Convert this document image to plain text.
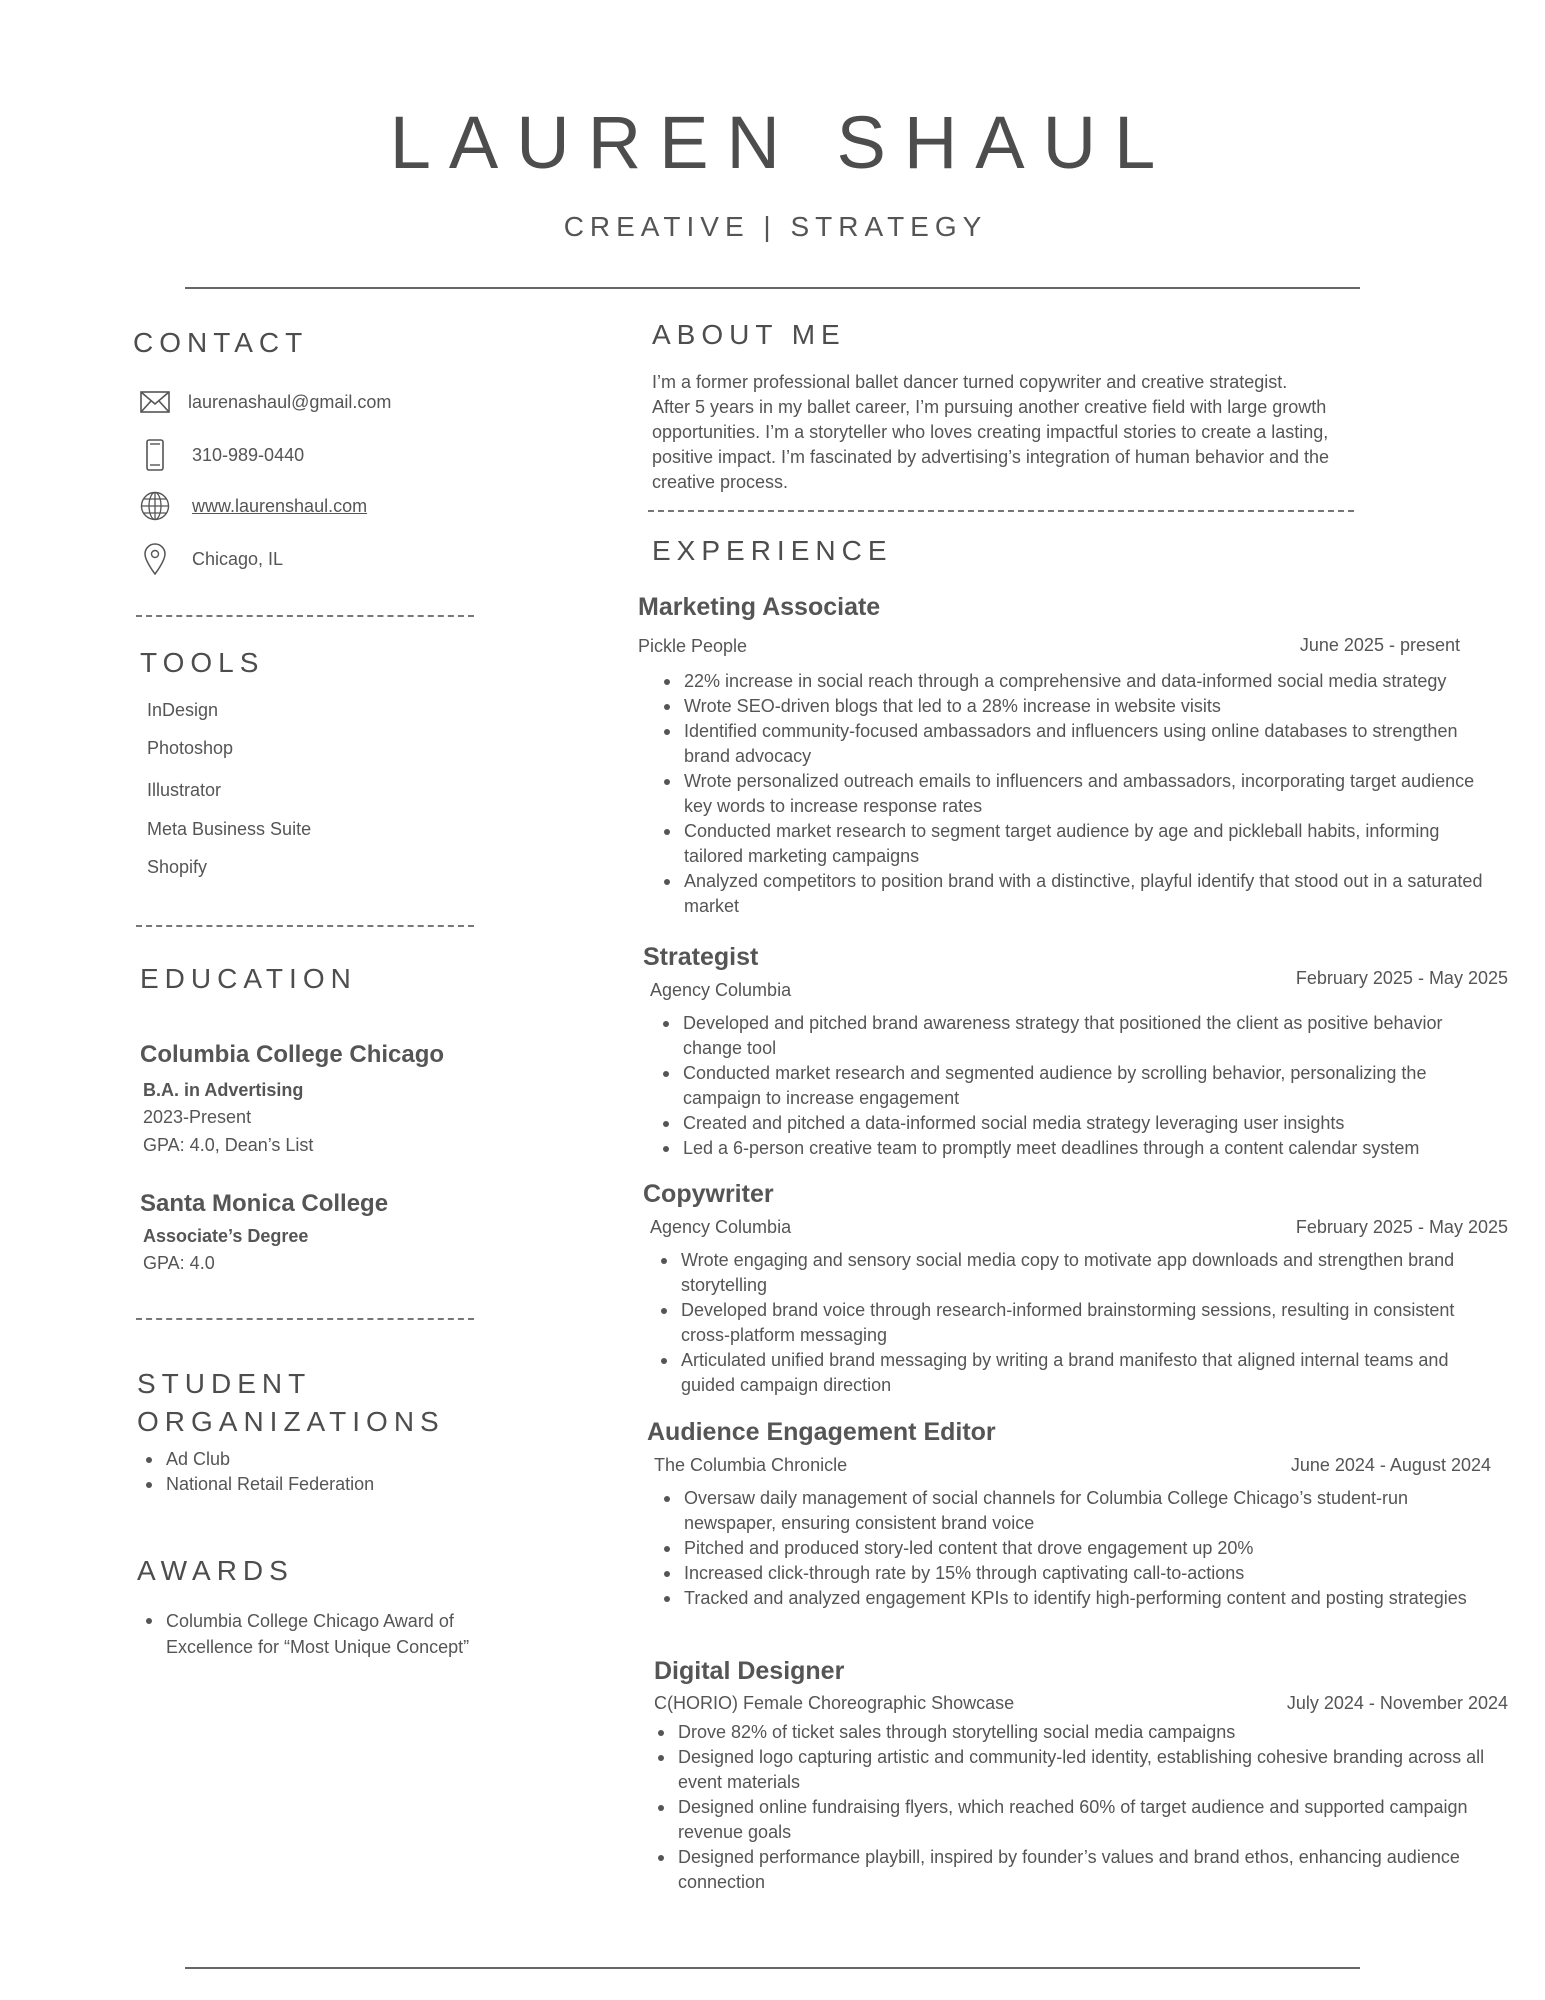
LAUREN SHAUL
CREATIVE | STRATEGY
CONTACT
laurenashaul@gmail.com
310-989-0440
www.laurenshaul.com
Chicago, IL
TOOLS
InDesign
Photoshop
Illustrator
Meta Business Suite
Shopify
EDUCATION
Columbia College Chicago
B.A. in Advertising
2023-Present
GPA: 4.0, Dean’s List
Santa Monica College
Associate’s Degree
GPA: 4.0
STUDENT
ORGANIZATIONS
Ad Club
National Retail Federation
AWARDS
Columbia College Chicago Award of Excellence for “Most Unique Concept”
ABOUT ME
I’m a former professional ballet dancer turned copywriter and creative strategist.
After 5 years in my ballet career, I’m pursuing another creative field with large growth
opportunities. I’m a storyteller who loves creating impactful stories to create a lasting,
positive impact. I’m fascinated by advertising’s integration of human behavior and the
creative process.
EXPERIENCE
Marketing Associate
Pickle People	June 2025 - present
22% increase in social reach through a comprehensive and data-informed social media strategy
Wrote SEO-driven blogs that led to a 28% increase in website visits
Identified community-focused ambassadors and influencers using online databases to strengthen brand advocacy
Wrote personalized outreach emails to influencers and ambassadors, incorporating target audience key words to increase response rates
Conducted market research to segment target audience by age and pickleball habits, informing tailored marketing campaigns
Analyzed competitors to position brand with a distinctive, playful identify that stood out in a saturated market
Strategist
Agency Columbia
February 2025 - May 2025
Developed and pitched brand awareness strategy that positioned the client as positive behavior change tool
Conducted market research and segmented audience by scrolling behavior, personalizing the campaign to increase engagement
Created and pitched a data-informed social media strategy leveraging user insights
Led a 6-person creative team to promptly meet deadlines through a content calendar system
Copywriter
Agency Columbia	February 2025 - May 2025
Wrote engaging and sensory social media copy to motivate app downloads and strengthen brand storytelling
Developed brand voice through research-informed brainstorming sessions, resulting in consistent cross-platform messaging
Articulated unified brand messaging by writing a brand manifesto that aligned internal teams and guided campaign direction
Audience Engagement Editor
The Columbia Chronicle	June 2024 - August 2024
Oversaw daily management of social channels for Columbia College Chicago’s student-run newspaper, ensuring consistent brand voice
Pitched and produced story-led content that drove engagement up 20%
Increased click-through rate by 15% through captivating call-to-actions
Tracked and analyzed engagement KPIs to identify high-performing content and posting strategies
Digital Designer
C(HORIO) Female Choreographic Showcase	July 2024 - November 2024
Drove 82% of ticket sales through storytelling social media campaigns
Designed logo capturing artistic and community-led identity, establishing cohesive branding across all event materials
Designed online fundraising flyers, which reached 60% of target audience and supported campaign revenue goals
Designed performance playbill, inspired by founder’s values and brand ethos, enhancing audience connection
